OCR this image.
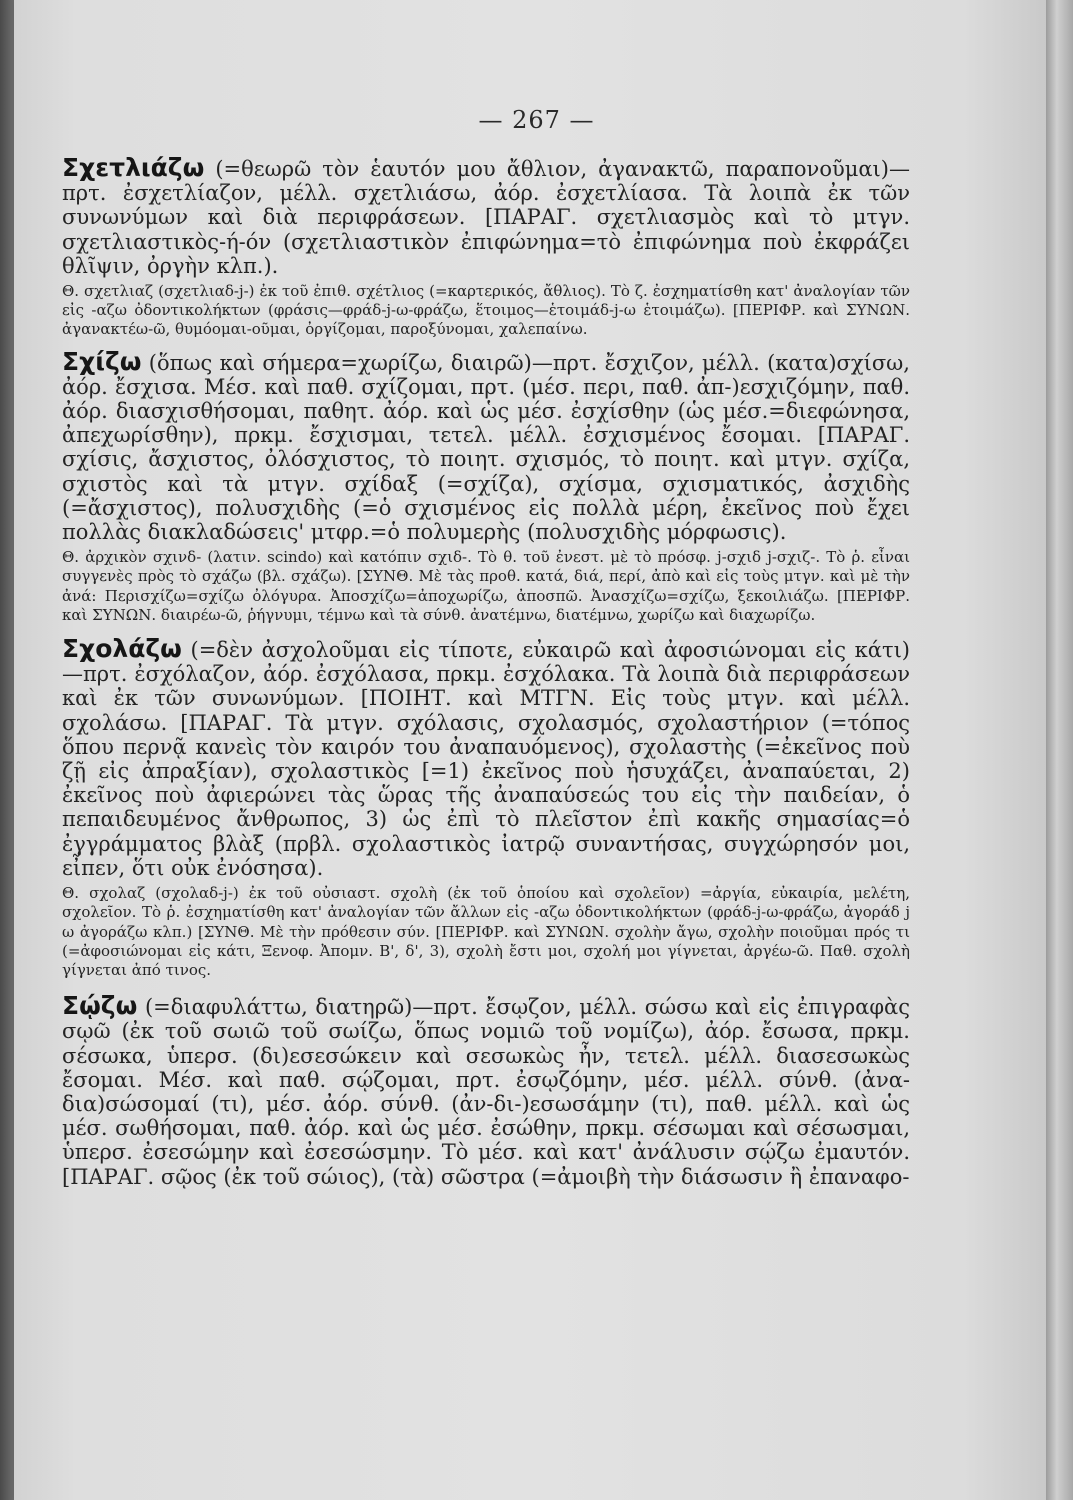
— 267 —

Σχετλιάζω (=θεωρῶ τὸν ἑαυτόν μου ἄθλιον, ἀγανακτῶ, παραπονοῦμαι)—πρτ. ἐσχετλίαζον, μέλλ. σχετλιάσω, ἀόρ. ἐσχετλίασα. Τὰ λοιπὰ ἐκ τῶν συνωνύμων καὶ διὰ περιφράσεων. [ΠΑΡΑΓ. σχετλιασμὸς καὶ τὸ μτγν. σχετλιαστικὸς-ή-όν (σχετλιαστικὸν ἐπιφώνημα=τὸ ἐπιφώνημα ποὺ ἐκφράζει θλῖψιν, ὀργὴν κλπ.).

Θ. σχετλιαζ (σχετλιαδ-j-) ἐκ τοῦ ἐπιθ. σχέτλιος (=καρτερικός, ἄθλιος). Τὸ ζ. ἐσχηματίσθη κατ' ἀναλογίαν τῶν εἰς -αζω ὀδοντικολήκτων (φράσις—φράδ-j-ω-φράζω, ἕτοιμος—ἑτοιμάδ-j-ω ἑτοιμάζω). [ΠΕΡΙΦΡ. καὶ ΣΥΝΩΝ. ἀγανακτέω-ῶ, θυμόομαι-οῦμαι, ὀργίζομαι, παροξύνομαι, χαλεπαίνω.

Σχίζω (ὅπως καὶ σήμερα=χωρίζω, διαιρῶ)—πρτ. ἔσχιζον, μέλλ. (κατα)σχίσω, ἀόρ. ἔσχισα. Μέσ. καὶ παθ. σχίζομαι, πρτ. (μέσ. περι, παθ. ἀπ-)εσχιζόμην, παθ. ἀόρ. διασχισθήσομαι, παθητ. ἀόρ. καὶ ὡς μέσ. ἐσχίσθην (ὡς μέσ.=διεφώνησα, ἀπεχωρίσθην), πρκμ. ἔσχισμαι, τετελ. μέλλ. ἐσχισμένος ἔσομαι. [ΠΑΡΑΓ. σχίσις, ἄσχιστος, ὀλόσχιστος, τὸ ποιητ. σχισμός, τὸ ποιητ. καὶ μτγν. σχίζα, σχιστὸς καὶ τὰ μτγν. σχίδαξ (=σχίζα), σχίσμα, σχισματικός, ἀσχιδὴς (=ἄσχιστος), πολυσχιδὴς (=ὁ σχισμένος εἰς πολλὰ μέρη, ἐκεῖνος ποὺ ἔχει πολλὰς διακλαδώσεις' μτφρ.=ὁ πολυμερὴς (πολυσχιδὴς μόρφωσις).

Θ. ἀρχικὸν σχινδ- (λατιν. scindo) καὶ κατόπιν σχιδ-. Τὸ θ. τοῦ ἐνεστ. μὲ τὸ πρόσφ. j-σχιδ j-σχιζ-. Τὸ ῥ. εἶναι συγγενὲς πρὸς τὸ σχάζω (βλ. σχάζω). [ΣΥΝΘ. Μὲ τὰς προθ. κατά, διά, περί, ἀπὸ καὶ εἰς τοὺς μτγν. καὶ μὲ τὴν ἀνά: Περισχίζω=σχίζω ὀλόγυρα. Ἀποσχίζω=ἀποχωρίζω, ἀποσπῶ. Ἀνασχίζω=σχίζω, ξεκοιλιάζω. [ΠΕΡΙΦΡ. καὶ ΣΥΝΩΝ. διαιρέω-ῶ, ῥήγνυμι, τέμνω καὶ τὰ σύνθ. ἀνατέμνω, διατέμνω, χωρίζω καὶ διαχωρίζω.

Σχολάζω (=δὲν ἀσχολοῦμαι εἰς τίποτε, εὐκαιρῶ καὶ ἀφοσιώνομαι εἰς κάτι)—πρτ. ἐσχόλαζον, ἀόρ. ἐσχόλασα, πρκμ. ἐσχόλακα. Τὰ λοιπὰ διὰ περιφράσεων καὶ ἐκ τῶν συνωνύμων. [ΠΟΙΗΤ. καὶ ΜΤΓΝ. Εἰς τοὺς μτγν. καὶ μέλλ. σχολάσω. [ΠΑΡΑΓ. Τὰ μτγν. σχόλασις, σχολασμός, σχολαστήριον (=τόπος ὅπου περνᾷ κανεὶς τὸν καιρόν του ἀναπαυόμενος), σχολαστὴς (=ἐκεῖνος ποὺ ζῇ εἰς ἀπραξίαν), σχολαστικὸς [=1) ἐκεῖνος ποὺ ἡσυχάζει, ἀναπαύεται, 2) ἐκεῖνος ποὺ ἀφιερώνει τὰς ὥρας τῆς ἀναπαύσεώς του εἰς τὴν παιδείαν, ὁ πεπαιδευμένος ἄνθρωπος, 3) ὡς ἐπὶ τὸ πλεῖστον ἐπὶ κακῆς σημασίας=ὁ ἐγγράμματος βλὰξ (πρβλ. σχολαστικὸς ἰατρῷ συναντήσας, συγχώρησόν μοι, εἶπεν, ὅτι οὐκ ἐνόσησα).

Θ. σχολαζ (σχολαδ-j-) ἐκ τοῦ οὐσιαστ. σχολὴ (ἐκ τοῦ ὁποίου καὶ σχολεῖον) =ἀργία, εὐκαιρία, μελέτη, σχολεῖον. Τὸ ῥ. ἐσχηματίσθη κατ' ἀναλογίαν τῶν ἄλλων εἰς -αζω ὀδοντικολήκτων (φράδ-j-ω-φράζω, ἀγοράδ j ω ἀγοράζω κλπ.) [ΣΥΝΘ. Μὲ τὴν πρόθεσιν σύν. [ΠΕΡΙΦΡ. καὶ ΣΥΝΩΝ. σχολὴν ἄγω, σχολὴν ποιοῦμαι πρός τι (=ἀφοσιώνομαι εἰς κάτι, Ξενοφ. Ἀπομν. Β', δ', 3), σχολὴ ἔστι μοι, σχολή μοι γίγνεται, ἀργέω-ῶ. Παθ. σχολὴ γίγνεται ἀπό τινος.

Σῴζω (=διαφυλάττω, διατηρῶ)—πρτ. ἔσῳζον, μέλλ. σώσω καὶ εἰς ἐπιγραφὰς σῳῶ (ἐκ τοῦ σωιῶ τοῦ σωίζω, ὅπως νομιῶ τοῦ νομίζω), ἀόρ. ἔσωσα, πρκμ. σέσωκα, ὑπερσ. (δι)εσεσώκειν καὶ σεσωκὼς ἦν, τετελ. μέλλ. διασεσωκὼς ἔσομαι. Μέσ. καὶ παθ. σῴζομαι, πρτ. ἐσῳζόμην, μέσ. μέλλ. σύνθ. (ἀνα-δια)σώσομαί (τι), μέσ. ἀόρ. σύνθ. (ἀν-δι-)εσωσάμην (τι), παθ. μέλλ. καὶ ὡς μέσ. σωθήσομαι, παθ. ἀόρ. καὶ ὡς μέσ. ἐσώθην, πρκμ. σέσωμαι καὶ σέσωσμαι, ὑπερσ. ἐσεσώμην καὶ ἐσεσώσμην. Τὸ μέσ. καὶ κατ' ἀνάλυσιν σῴζω ἐμαυτόν. [ΠΑΡΑΓ. σῷος (ἐκ τοῦ σώιος), (τὰ) σῶστρα (=ἀμοιβὴ τὴν διάσωσιν ἢ ἐπαναφο-
